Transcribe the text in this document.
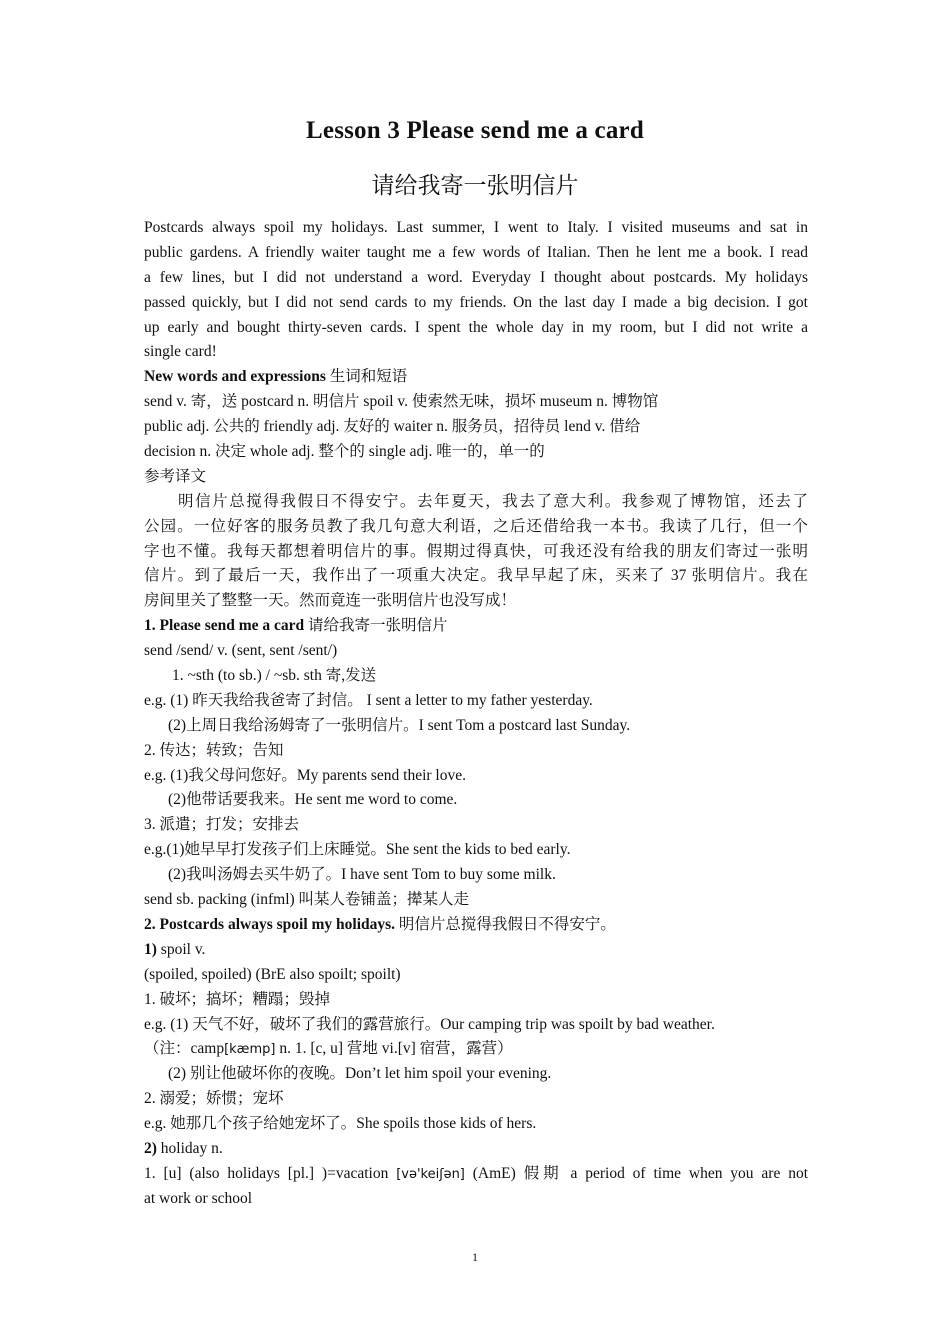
Lesson 3 Please send me a card
请给我寄一张明信片
Postcards always spoil my holidays. Last summer, I went to Italy. I visited museums and sat in
public gardens. A friendly waiter taught me a few words of Italian. Then he lent me a book. I read
a few lines, but I did not understand a word. Everyday I thought about postcards. My holidays
passed quickly, but I did not send cards to my friends. On the last day I made a big decision. I got
up early and bought thirty-seven cards. I spent the whole day in my room, but I did not write a
single card!
New words and expressions 生词和短语
send v. 寄，送 postcard n. 明信片 spoil v. 使索然无味，损坏 museum n. 博物馆
public adj. 公共的 friendly adj. 友好的 waiter n. 服务员，招待员 lend v. 借给
decision n. 决定 whole adj. 整个的 single adj. 唯一的，单一的
参考译文
明信片总搅得我假日不得安宁。去年夏天，我去了意大利。我参观了博物馆，还去了
公园。一位好客的服务员教了我几句意大利语，之后还借给我一本书。我读了几行，但一个
字也不懂。我每天都想着明信片的事。假期过得真快，可我还没有给我的朋友们寄过一张明
信片。到了最后一天，我作出了一项重大决定。我早早起了床，买来了 37 张明信片。我在
房间里关了整整一天。然而竟连一张明信片也没写成！
1. Please send me a card 请给我寄一张明信片
send /send/ v. (sent, sent /sent/)
1. ~sth (to sb.) / ~sb. sth 寄,发送
e.g. (1) 昨天我给我爸寄了封信。 I sent a letter to my father yesterday.
(2)上周日我给汤姆寄了一张明信片。I sent Tom a postcard last Sunday.
2. 传达；转致；告知
e.g. (1)我父母问您好。My parents send their love.
(2)他带话要我来。He sent me word to come.
3. 派遣；打发；安排去
e.g.(1)她早早打发孩子们上床睡觉。She sent the kids to bed early.
(2)我叫汤姆去买牛奶了。I have sent Tom to buy some milk.
send sb. packing (infml) 叫某人卷铺盖；撵某人走
2. Postcards always spoil my holidays. 明信片总搅得我假日不得安宁。
1) spoil v.
(spoiled, spoiled) (BrE also spoilt; spoilt)
1. 破坏；搞坏；糟蹋；毁掉
e.g. (1) 天气不好，破坏了我们的露营旅行。Our camping trip was spoilt by bad weather.
（注：camp[kæmp] n. 1. [c, u] 营地 vi.[v] 宿营，露营）
(2) 别让他破坏你的夜晚。Don’t let him spoil your evening.
2. 溺爱；娇惯；宠坏
e.g. 她那几个孩子给她宠坏了。She spoils those kids of hers.
2) holiday n.
1. [u] (also holidays [pl.] )=vacation [və'keiʃən] (AmE) 假期 a period of time when you are not
at work or school
1
